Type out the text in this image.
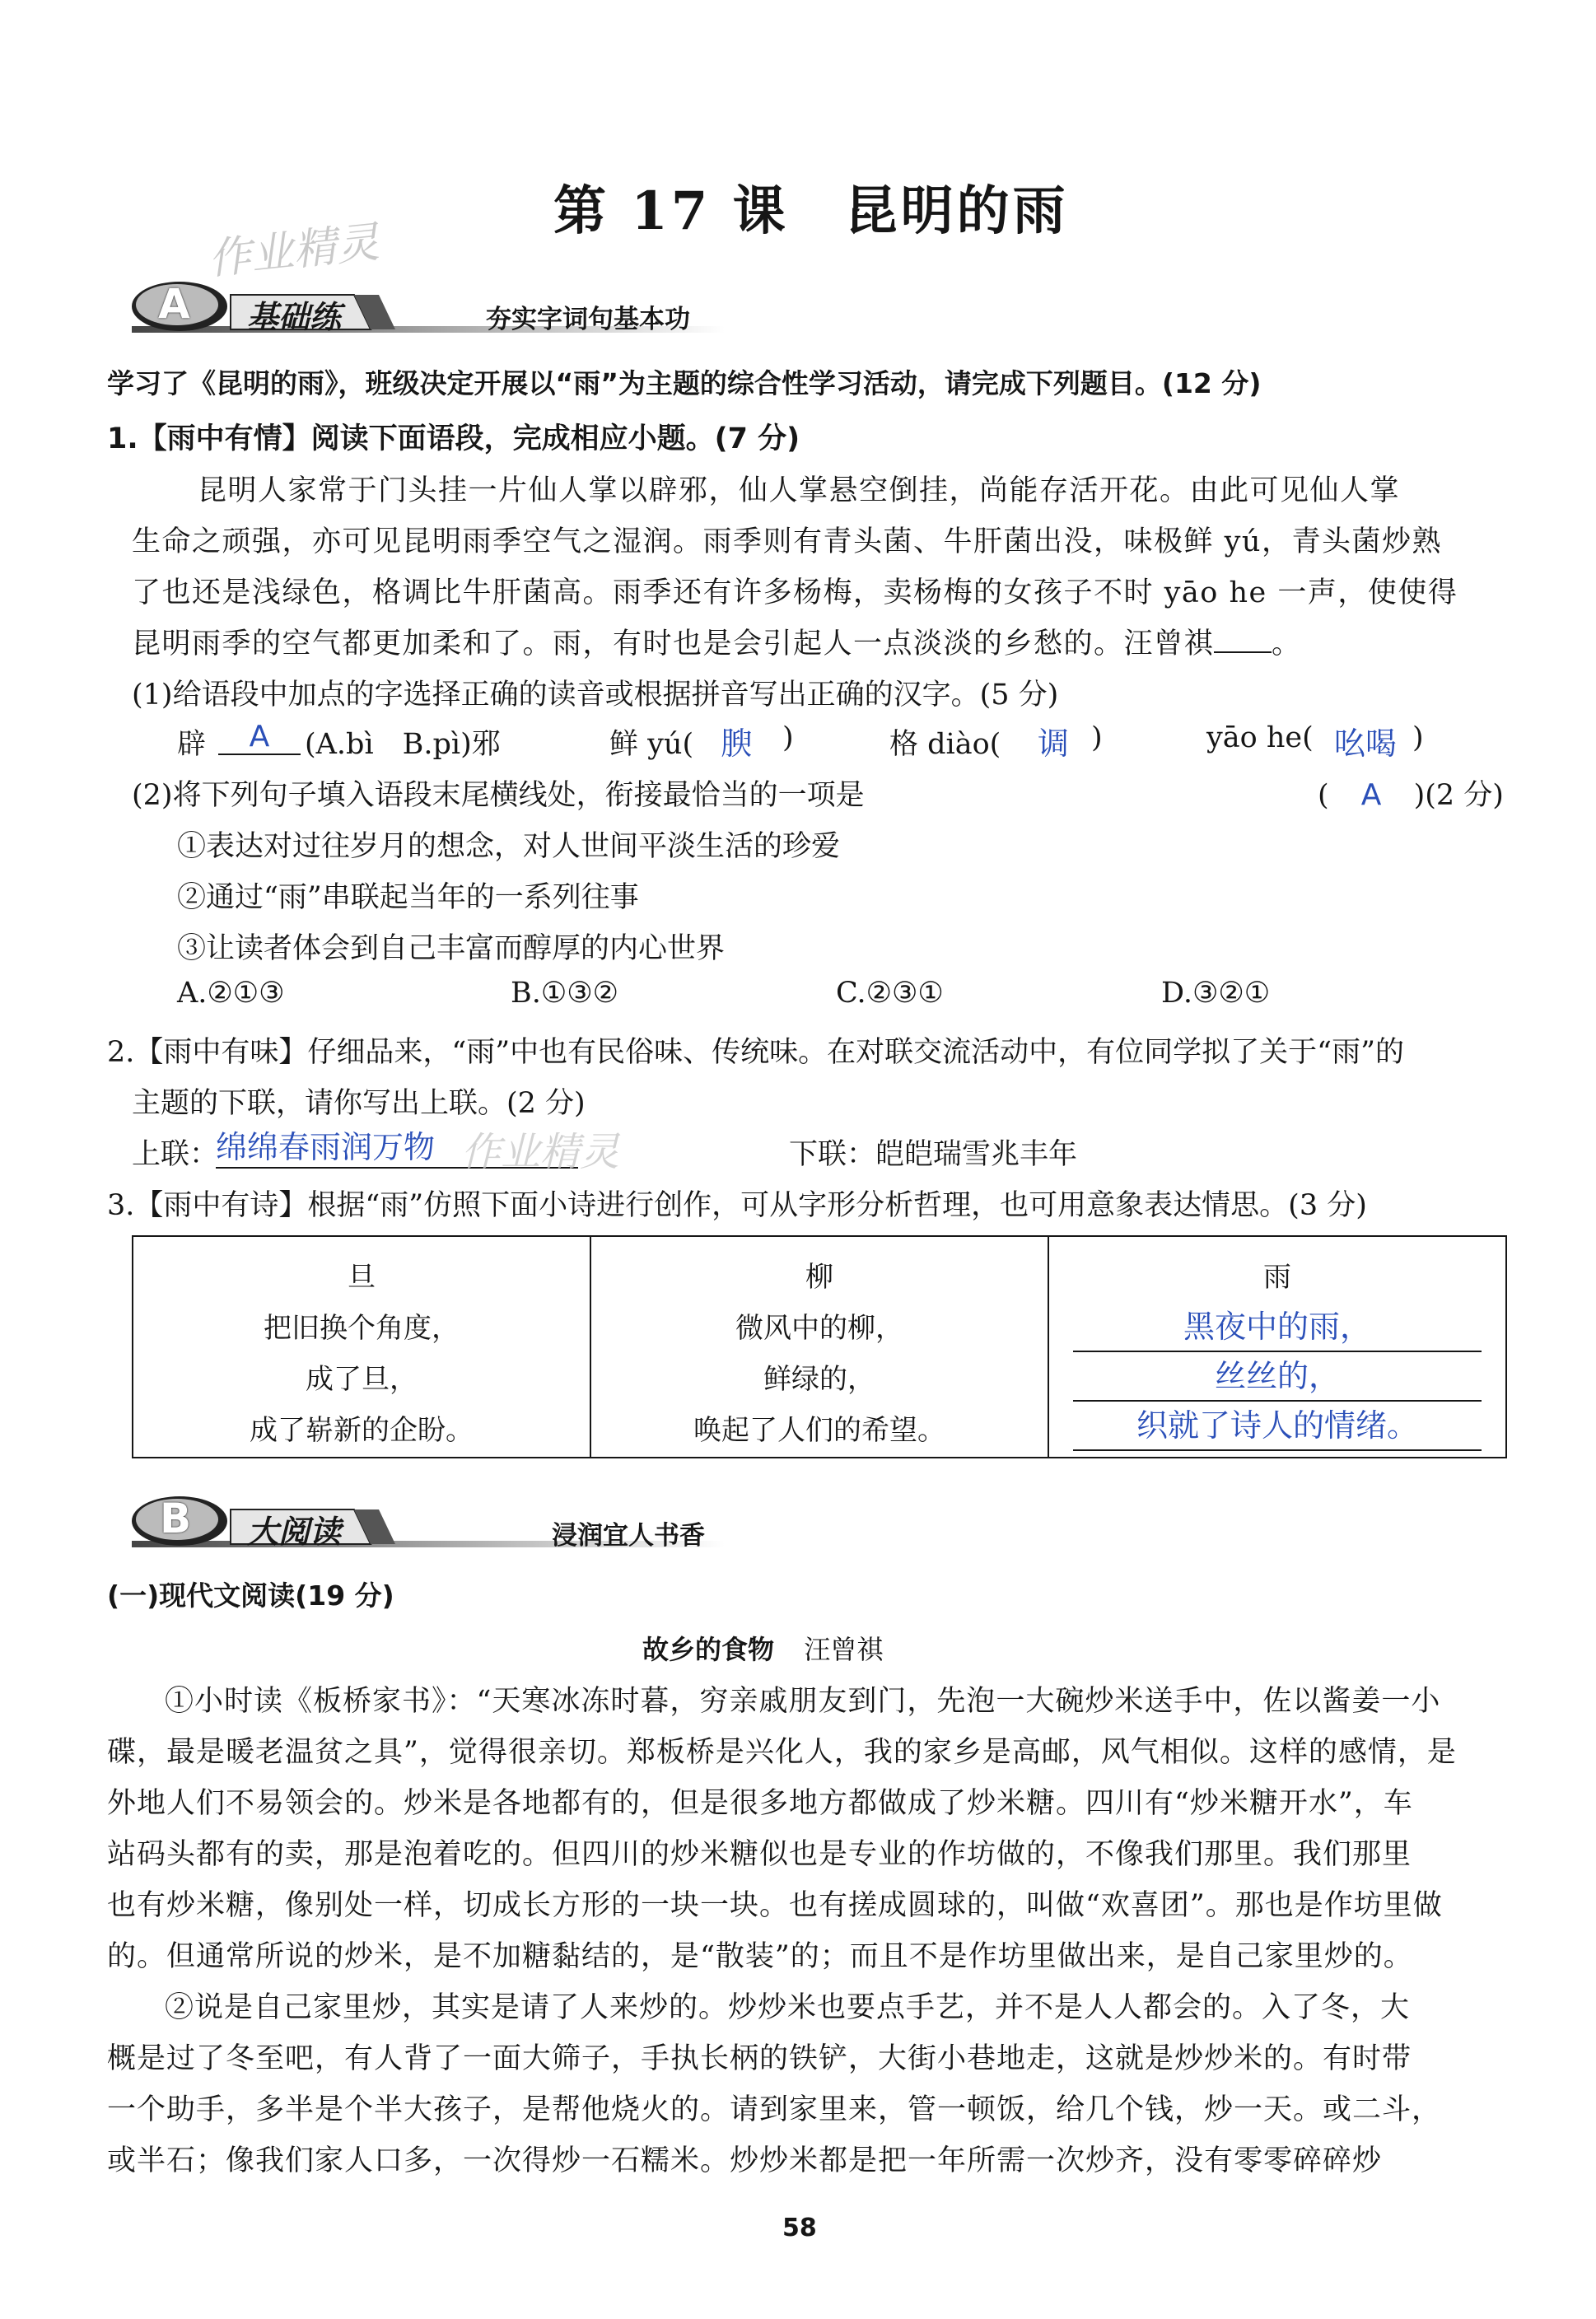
第 17 课　昆明的雨
作业精灵
A 基础练	夯实字词句基本功
学习了《昆明的雨》，班级决定开展以“雨”为主题的综合性学习活动，请完成下列题目。(12 分)
1.【雨中有情】阅读下面语段，完成相应小题。(7 分)
昆明人家常于门头挂一片仙人掌以辟邪，仙人掌悬空倒挂，尚能存活开花。由此可见仙人掌
生命之顽强，亦可见昆明雨季空气之湿润。雨季则有青头菌、牛肝菌出没，味极鲜 yú，青头菌炒熟
了也还是浅绿色，格调比牛肝菌高。雨季还有许多杨梅，卖杨梅的女孩子不时 yāo he 一声，使使得
昆明雨季的空气都更加柔和了。雨，有时也是会引起人一点淡淡的乡愁的。汪曾祺 。
(1)给语段中加点的字选择正确的读音或根据拼音写出正确的汉字。(5 分)
辟	A	(A.bì　B.pì)邪	鲜 yú( 腴 )	格 diào( 调 )	yāo he( 吆喝 )
(2)将下列句子填入语段末尾横线处，衔接最恰当的一项是	( A )(2 分)
①表达对过往岁月的想念，对人世间平淡生活的珍爱
②通过“雨”串联起当年的一系列往事
③让读者体会到自己丰富而醇厚的内心世界
A.②①③	B.①③②	C.②③①	D.③②①
2.【雨中有味】仔细品来，“雨”中也有民俗味、传统味。在对联交流活动中，有位同学拟了关于“雨”的
主题的下联，请你写出上联。(2 分)
上联：
绵绵春雨润万物 作业精灵	下联：皑皑瑞雪兆丰年
3.【雨中有诗】根据“雨”仿照下面小诗进行创作，可从字形分析哲理，也可用意象表达情思。(3 分)
旦
把旧换个角度，
成了旦，
成了崭新的企盼。

柳
微风中的柳，
鲜绿的，
唤起了人们的希望。

雨
黑夜中的雨，
丝丝的，
织就了诗人的情绪。
B 大阅读	浸润宜人书香
(一)现代文阅读(19 分)
故乡的食物 汪曾祺
①小时读《板桥家书》：“天寒冰冻时暮，穷亲戚朋友到门，先泡一大碗炒米送手中，佐以酱姜一小
碟，最是暖老温贫之具”，觉得很亲切。郑板桥是兴化人，我的家乡是高邮，风气相似。这样的感情，是
外地人们不易领会的。炒米是各地都有的，但是很多地方都做成了炒米糖。四川有“炒米糖开水”，车
站码头都有的卖，那是泡着吃的。但四川的炒米糖似也是专业的作坊做的，不像我们那里。我们那里
也有炒米糖，像别处一样，切成长方形的一块一块。也有搓成圆球的，叫做“欢喜团”。那也是作坊里做
的。但通常所说的炒米，是不加糖黏结的，是“散装”的；而且不是作坊里做出来，是自己家里炒的。
②说是自己家里炒，其实是请了人来炒的。炒炒米也要点手艺，并不是人人都会的。入了冬，大
概是过了冬至吧，有人背了一面大筛子，手执长柄的铁铲，大街小巷地走，这就是炒炒米的。有时带
一个助手，多半是个半大孩子，是帮他烧火的。请到家里来，管一顿饭，给几个钱，炒一天。或二斗，
或半石；像我们家人口多，一次得炒一石糯米。炒炒米都是把一年所需一次炒齐，没有零零碎碎炒
58
